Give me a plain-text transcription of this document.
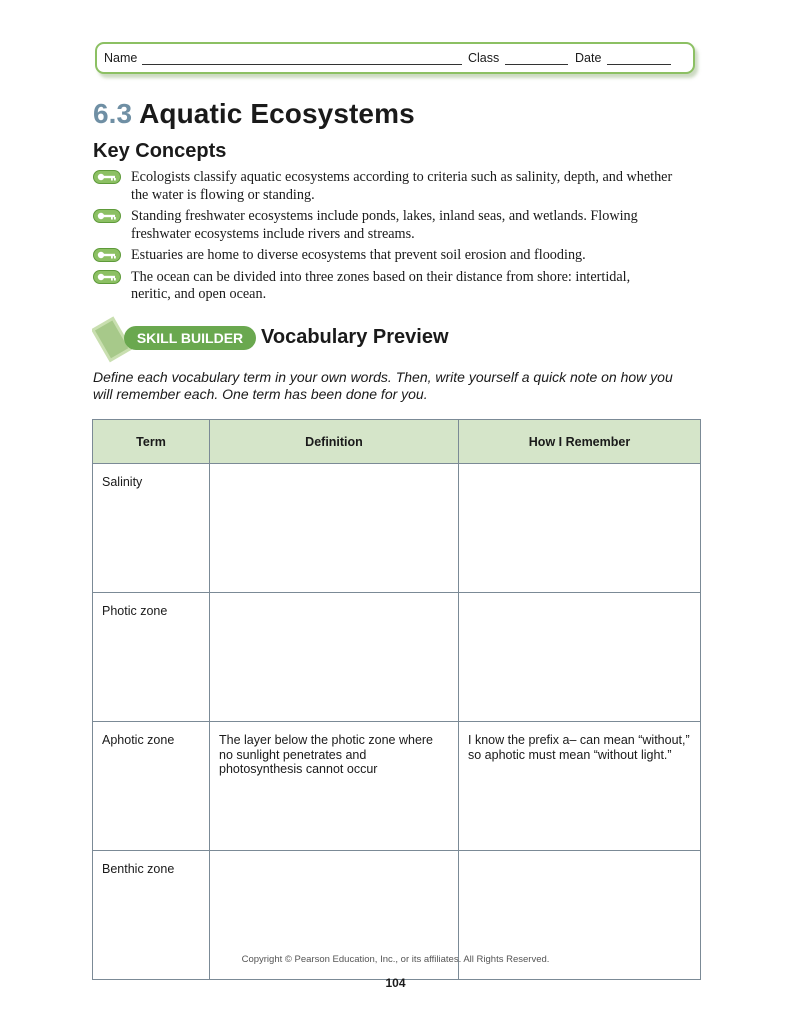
Name	Class	Date
6.3 Aquatic Ecosystems
Key Concepts
Ecologists classify aquatic ecosystems according to criteria such as salinity, depth, and whether the water is flowing or standing.
Standing freshwater ecosystems include ponds, lakes, inland seas, and wetlands. Flowing freshwater ecosystems include rivers and streams.
Estuaries are home to diverse ecosystems that prevent soil erosion and flooding.
The ocean can be divided into three zones based on their distance from shore: intertidal, neritic, and open ocean.
SKILL BUILDER Vocabulary Preview

Define each vocabulary term in your own words. Then, write yourself a quick note on how you will remember each. One term has been done for you.

Term	Definition	How I Remember
Salinity		
Photic zone		
Aphotic zone	The layer below the photic zone where no sunlight penetrates and photosynthesis cannot occur	I know the prefix a– can mean “without,” so aphotic must mean “without light.”
Benthic zone		
Copyright © Pearson Education, Inc., or its affiliates. All Rights Reserved.
104
